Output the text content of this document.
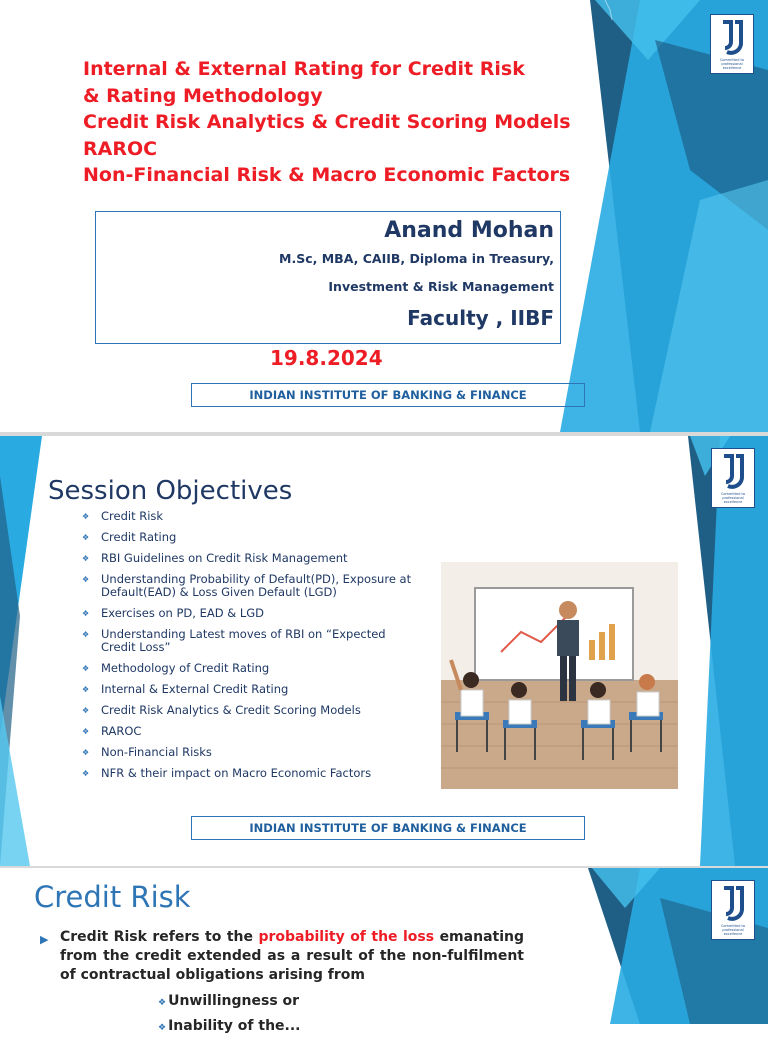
Committed to professional excellence
Internal & External Rating for Credit Risk
& Rating Methodology
Credit Risk Analytics & Credit Scoring Models
RAROC
Non-Financial Risk & Macro Economic Factors
Anand Mohan
M.Sc, MBA, CAIIB, Diploma in Treasury,
Investment & Risk Management
Faculty , IIBF
19.8.2024
INDIAN INSTITUTE OF BANKING & FINANCE
Committed to professional excellence
Session Objectives
❖ Credit Risk
❖ Credit Rating
❖ RBI Guidelines on Credit Risk Management
❖ Understanding Probability of Default(PD), Exposure at Default(EAD) & Loss Given Default (LGD)
❖ Exercises on PD, EAD & LGD
❖ Understanding Latest moves of RBI on “Expected Credit Loss”
❖ Methodology of Credit Rating
❖ Internal & External Credit Rating
❖ Credit Risk Analytics & Credit Scoring Models
❖ RAROC
❖ Non-Financial Risks
❖ NFR & their impact on Macro Economic Factors
INDIAN INSTITUTE OF BANKING & FINANCE
Committed to professional excellence
Credit Risk
▶ Credit Risk refers to the probability of the loss emanating from the credit extended as a result of the non-fulfilment of contractual obligations arising from
❖ Unwillingness or
❖ Inability of the...
